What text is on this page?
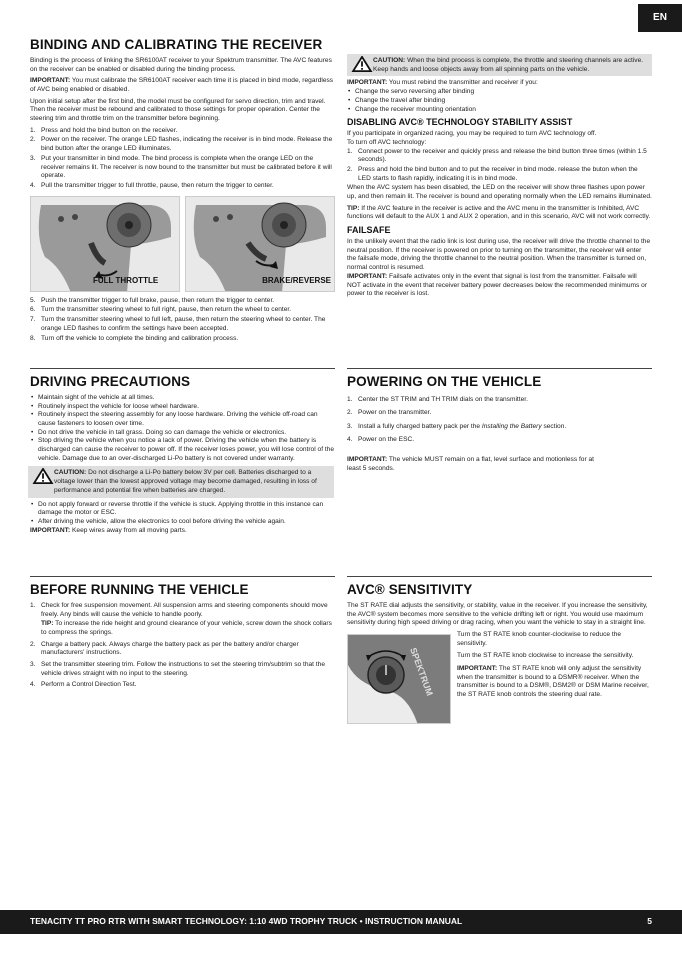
EN
BINDING AND CALIBRATING THE RECEIVER

Binding is the process of linking the SR6100AT receiver to your Spektrum transmitter. The AVC features on the receiver can be enabled or disabled during the binding process.

IMPORTANT: You must calibrate the SR6100AT receiver each time it is placed in bind mode, regardless of AVC being enabled or disabled.

Upon initial setup after the first bind, the model must be configured for servo direction, trim and travel. Then the receiver must be rebound and calibrated to those settings for proper operation. Center the steering trim and throttle trim on the transmitter before beginning.

1. Press and hold the bind button on the receiver.
2. Power on the receiver. The orange LED flashes, indicating the receiver is in bind mode. Release the bind button after the orange LED illuminates.
3. Put your transmitter in bind mode. The bind process is complete when the orange LED on the receiver remains lit. The receiver is now bound to the transmitter but must be calibrated before it will operate.
4. Pull the transmitter trigger to full throttle, pause, then return the trigger to center.
FULL THROTTLE	BRAKE/REVERSE
5. Push the transmitter trigger to full brake, pause, then return the trigger to center.
6. Turn the transmitter steering wheel to full right, pause, then return the wheel to center.
7. Turn the transmitter steering wheel to full left, pause, then return the steering wheel to center. The orange LED flashes to confirm the settings have been accepted.
8. Turn off the vehicle to complete the binding and calibration process.
CAUTION: When the bind process is complete, the throttle and steering channels are active. Keep hands and loose objects away from all spinning parts on the vehicle.

IMPORTANT: You must rebind the transmitter and receiver if you:

• Change the servo reversing after binding
• Change the travel after binding
• Change the receiver mounting orientation
DISABLING AVC® TECHNOLOGY STABILITY ASSIST

If you participate in organized racing, you may be required to turn AVC technology off.

To turn off AVC technology:

1. Connect power to the receiver and quickly press and release the bind button three times (within 1.5 seconds).
2. Press and hold the bind button and to put the receiver in bind mode. release the buton when the LED starts to flash rapidly, indicating it is in bind mode.

When the AVC system has been disabled, the LED on the receiver will show three flashes upon power up, and then remain lit. The receiver is bound and operating normally when the LED remains illuminated.

TIP: If the AVC feature in the receiver is active and the AVC menu in the transmitter is Inhibited, AVC functions will default to the AUX 1 and AUX 2 operation, and in this scenario, AVC will not work correctly.

FAILSAFE

In the unlikely event that the radio link is lost during use, the receiver will drive the throttle channel to the neutral position. If the receiver is powered on prior to turning on the transmitter, the receiver will enter the failsafe mode, driving the throttle channel to the neutral position. When the transmitter is turned on, normal control is resumed.

IMPORTANT: Failsafe activates only in the event that signal is lost from the transmitter. Failsafe will NOT activate in the event that receiver battery power decreases below the recommended minimums or power to the receiver is lost.

DRIVING PRECAUTIONS
• Maintain sight of the vehicle at all times.
• Routinely inspect the vehicle for loose wheel hardware.
• Routinely inspect the steering assembly for any loose hardware. Driving the vehicle off-road can cause fasteners to loosen over time.
• Do not drive the vehicle in tall grass. Doing so can damage the vehicle or electronics.
• Stop driving the vehicle when you notice a lack of power. Driving the vehicle when the battery is discharged can cause the receiver to power off. If the receiver loses power, you will lose control of the vehicle. Damage due to an over-discharged Li-Po battery is not covered under warranty.
CAUTION: Do not discharge a Li-Po battery below 3V per cell. Batteries discharged to a voltage lower than the lowest approved voltage may become damaged, resulting in loss of performance and potential fire when batteries are charged.
• Do not apply forward or reverse throttle if the vehicle is stuck. Applying throttle in this instance can damage the motor or ESC.
• After driving the vehicle, allow the electronics to cool before driving the vehicle again.

IMPORTANT: Keep wires away from all moving parts.

POWERING ON THE VEHICLE
1. Center the ST TRIM and TH TRIM dials on the transmitter.
2. Power on the transmitter.
3. Install a fully charged battery pack per the Installing the Battery section.
4. Power on the ESC.

IMPORTANT: The vehicle MUST remain on a flat, level surface and motionless for at least 5 seconds.

BEFORE RUNNING THE VEHICLE
1. Check for free suspension movement. All suspension arms and steering components should move freely. Any binds will cause the vehicle to handle poorly.

TIP: To increase the ride height and ground clearance of your vehicle, screw down the shock collars to compress the springs.
2. Charge a battery pack. Always charge the battery pack as per the battery and/or charger manufacturers' instructions.
3. Set the transmitter steering trim. Follow the instructions to set the steering trim/subtrim so that the vehicle drives straight with no input to the steering.
4. Perform a Control Direction Test.
AVC® SENSITIVITY

The ST RATE dial adjusts the sensitivity, or stability, value in the receiver. If you increase the sensitivity, the AVC® system becomes more sensitive to the vehicle drifting left or right. You would use maximum sensitivity during high speed driving or drag racing, when you want the vehicle to stay in a straight line.

SPEKTRUM

Turn the ST RATE knob counter-clockwise to reduce the sensitivity.

Turn the ST RATE knob clockwise to increase the sensitivity.

IMPORTANT: The ST RATE knob will only adjust the sensitivity when the transmitter is bound to a DSMR® receiver. When the transmitter is bound to a DSM®, DSM2® or DSM Marine receiver, the ST RATE knob controls the steering dual rate.

TENACITY TT PRO RTR WITH SMART TECHNOLOGY: 1:10 4WD TROPHY TRUCK • INSTRUCTION MANUAL	5
